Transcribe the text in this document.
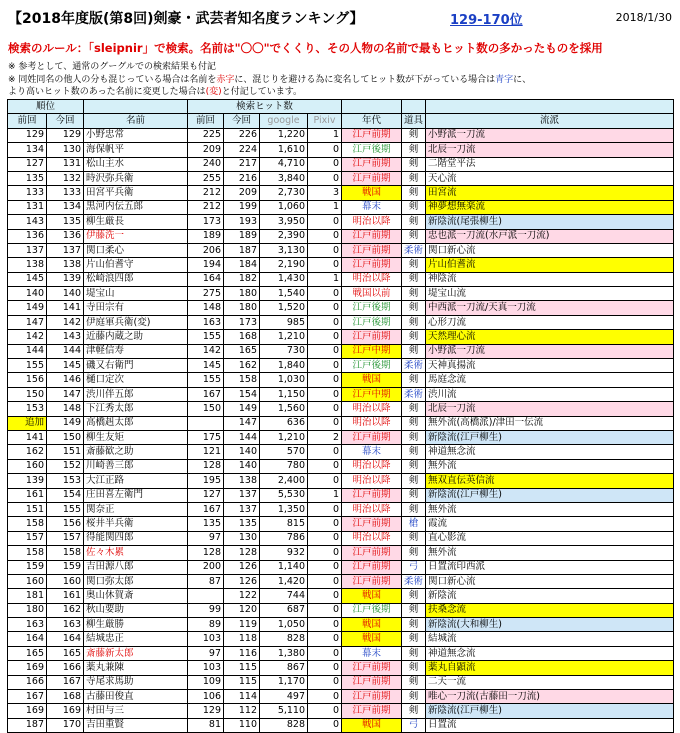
【2018年度版(第8回)剣豪・武芸者知名度ランキング】	129-170位	2018/1/30
検索のルール：「sleipnir」で検索。名前は"〇〇"でくくり、その人物の名前で最もヒット数の多かったものを採用
※ 参考として、通常のグーグルでの検索結果も付記
※ 同姓同名の他人の分も混じっている場合は名前を赤字に、混じりを避ける為に変名してヒット数が下がっている場合は青字に、
より高いヒット数のあった名前に変更した場合は(変)と付記しています。
順位			検索ヒット数						
前回	今回	名前	前回	今回	google	Pixiv	年代	道具	流派
129	129	小野忠常	225	226	1,220	1	江戸前期	剣	小野派一刀流
134	130	海保帆平	209	224	1,610	0	江戸後期	剣	北辰一刀流
127	131	松山主水	240	217	4,710	0	江戸前期	剣	二階堂平法
135	132	時沢弥兵衛	255	216	3,840	0	江戸前期	剣	天心流
133	133	田宮平兵衛	212	209	2,730	3	戦国	剣	田宮流
131	134	黒河内伝五郎	212	199	1,060	1	幕末	剣	神夢想無楽流
143	135	柳生厳長	173	193	3,950	0	明治以降	剣	新陰流(尾張柳生)
136	136	伊藤洗一	189	189	2,390	0	江戸前期	剣	忠也派一刀流(水戸派一刀流)
137	137	関口柔心	206	187	3,130	0	江戸前期	柔術	関口新心流
138	138	片山伯耆守	194	184	2,190	0	江戸前期	剣	片山伯耆流
145	139	松崎浪四郎	164	182	1,430	1	明治以降	剣	神陰流
140	140	堤宝山	275	180	1,540	0	戦国以前	剣	堤宝山流
149	141	寺田宗有	148	180	1,520	0	江戸後期	剣	中西派一刀流/天真一刀流
147	142	伊庭軍兵衛(変)	163	173	985	0	江戸後期	剣	心形刀流
142	143	近藤内蔵之助	155	168	1,210	0	江戸前期	剣	天然理心流
144	144	津軽信寿	142	165	730	0	江戸中期	剣	小野派一刀流
155	145	磯又右衛門	145	162	1,840	0	江戸後期	柔術	天神真揚流
156	146	樋口定次	155	158	1,030	0	戦国	剣	馬庭念流
150	147	渋川伴五郎	167	154	1,150	0	江戸中期	柔術	渋川流
153	148	下江秀太郎	150	149	1,560	0	明治以降	剣	北辰一刀流
追加	149	高橋赳太郎		147	636	0	明治以降	剣	無外流(高橋派)/津田一伝流
141	150	柳生友矩	175	144	1,210	2	江戸前期	剣	新陰流(江戸柳生)
162	151	斎藤歓之助	121	140	570	0	幕末	剣	神道無念流
160	152	川崎善三郎	128	140	780	0	明治以降	剣	無外流
139	153	大江正路	195	138	2,400	0	明治以降	剣	無双直伝英信流
161	154	庄田喜左衛門	127	137	5,530	1	江戸前期	剣	新陰流(江戸柳生)
151	155	関奈正	167	137	1,350	0	明治以降	剣	無外流
158	156	桜井半兵衛	135	135	815	0	江戸前期	槍	霞流
157	157	得能関四郎	97	130	786	0	明治以降	剣	直心影流
158	158	佐々木累	128	128	932	0	江戸前期	剣	無外流
159	159	吉田源八郎	200	126	1,140	0	江戸前期	弓	日置流印西派
160	160	関口弥太郎	87	126	1,420	0	江戸前期	柔術	関口新心流
181	161	奥山休賀斎		122	744	0	戦国	剣	新陰流
180	162	秋山要助	99	120	687	0	江戸後期	剣	扶桑念流
163	163	柳生厳勝	89	119	1,050	0	戦国	剣	新陰流(大和柳生)
164	164	結城忠正	103	118	828	0	戦国	剣	結城流
165	165	斎藤新太郎	97	116	1,380	0	幕末	剣	神道無念流
169	166	薬丸兼陳	103	115	867	0	江戸前期	剣	薬丸自顕流
166	167	寺尾求馬助	109	115	1,170	0	江戸前期	剣	二天一流
167	168	古藤田俊直	106	114	497	0	江戸前期	剣	唯心一刀流(古藤田一刀流)
169	169	村田与三	129	112	5,110	0	江戸前期	剣	新陰流(江戸柳生)
187	170	吉田重賢	81	110	828	0	戦国	弓	日置流
